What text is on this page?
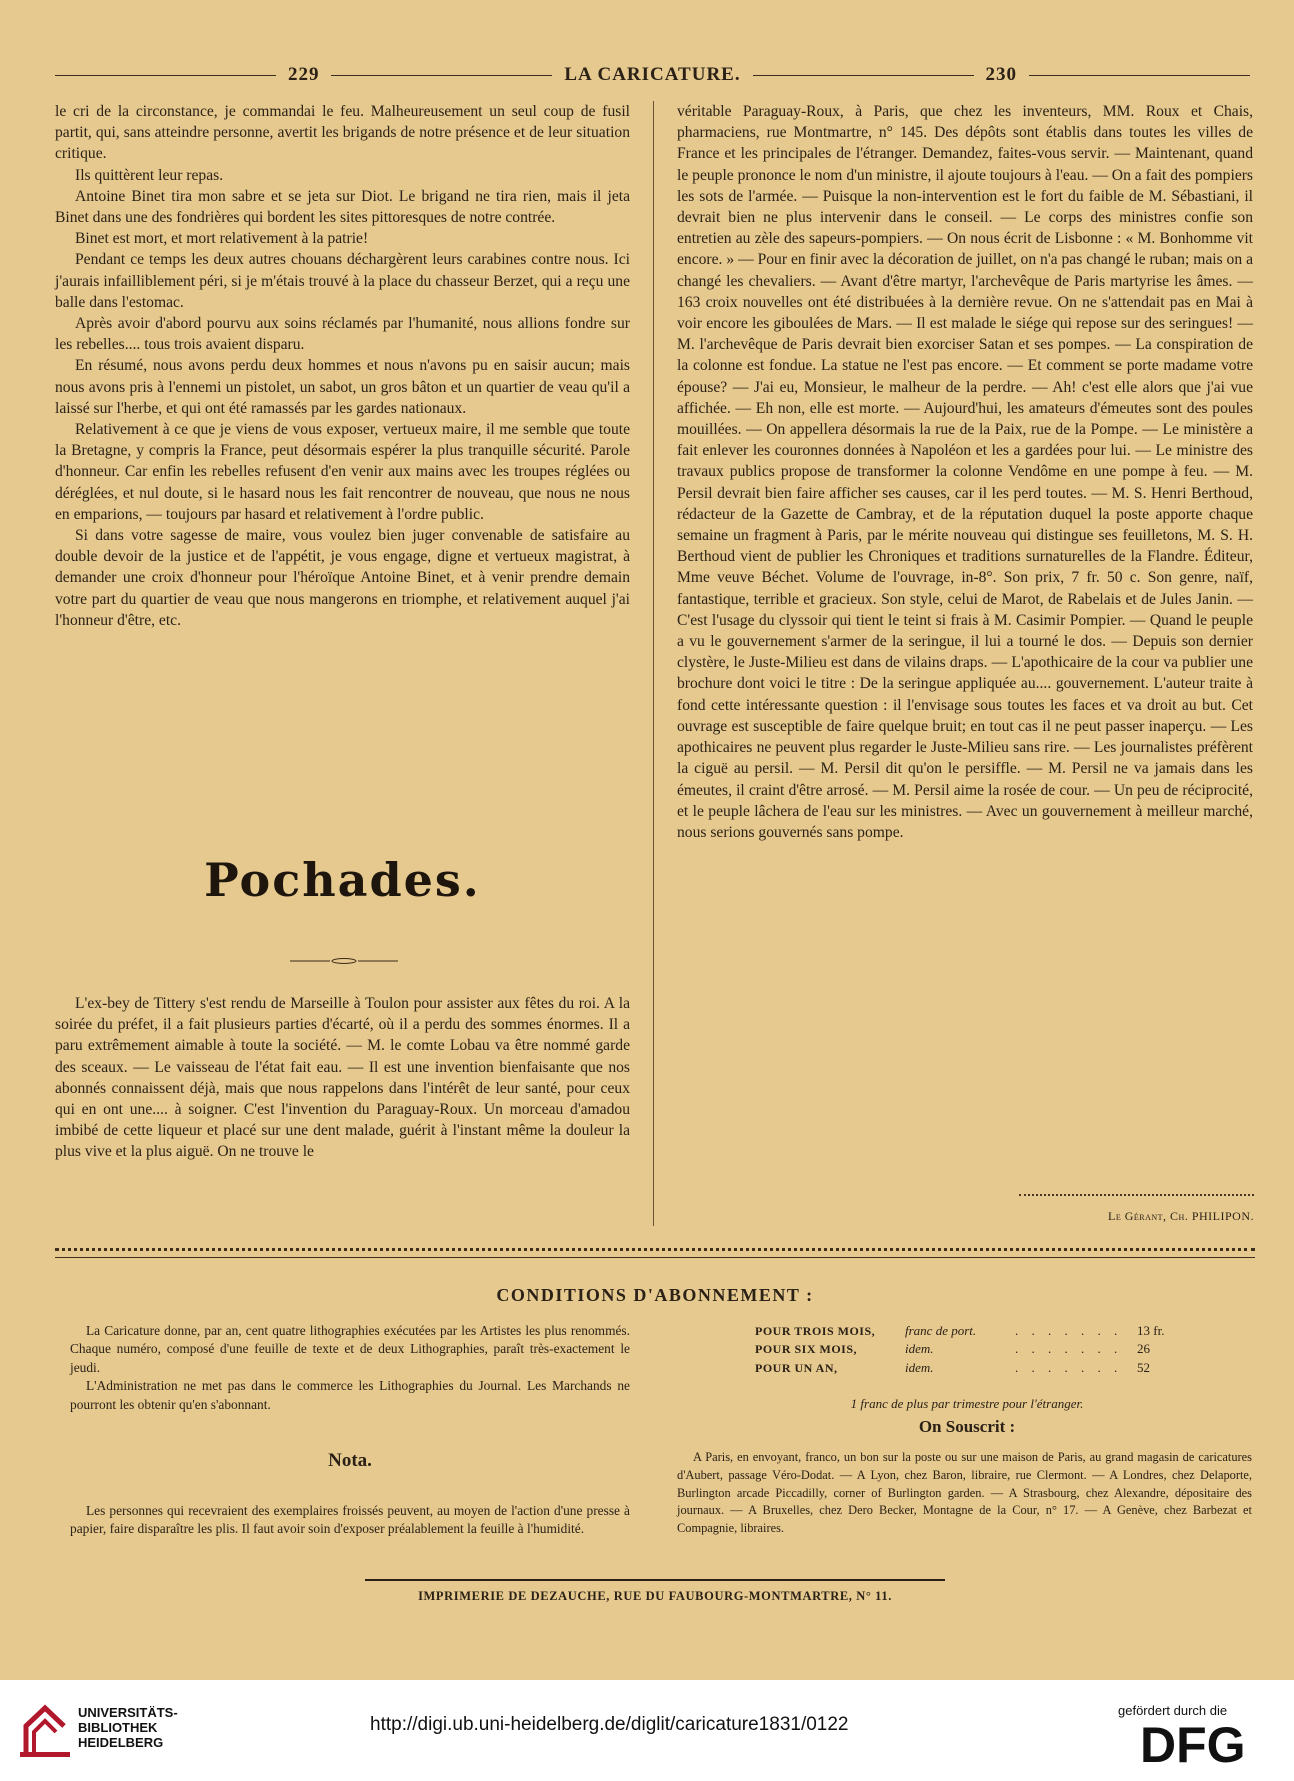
229	LA CARICATURE.	230

le cri de la circonstance, je commandai le feu. Malheureusement un seul coup de fusil partit, qui, sans atteindre personne, avertit les brigands de notre présence et de leur situation critique.

Ils quittèrent leur repas.

Antoine Binet tira mon sabre et se jeta sur Diot. Le brigand ne tira rien, mais il jeta Binet dans une des fondrières qui bordent les sites pittoresques de notre contrée.

Binet est mort, et mort relativement à la patrie!

Pendant ce temps les deux autres chouans déchargèrent leurs carabines contre nous. Ici j'aurais infailliblement péri, si je m'étais trouvé à la place du chasseur Berzet, qui a reçu une balle dans l'estomac.

Après avoir d'abord pourvu aux soins réclamés par l'humanité, nous allions fondre sur les rebelles.... tous trois avaient disparu.

En résumé, nous avons perdu deux hommes et nous n'avons pu en saisir aucun; mais nous avons pris à l'ennemi un pistolet, un sabot, un gros bâton et un quartier de veau qu'il a laissé sur l'herbe, et qui ont été ramassés par les gardes nationaux.

Relativement à ce que je viens de vous exposer, vertueux maire, il me semble que toute la Bretagne, y compris la France, peut désormais espérer la plus tranquille sécurité. Parole d'honneur. Car enfin les rebelles refusent d'en venir aux mains avec les troupes réglées ou déréglées, et nul doute, si le hasard nous les fait rencontrer de nouveau, que nous ne nous en emparions, — toujours par hasard et relativement à l'ordre public.

Si dans votre sagesse de maire, vous voulez bien juger convenable de satisfaire au double devoir de la justice et de l'appétit, je vous engage, digne et vertueux magistrat, à demander une croix d'honneur pour l'héroïque Antoine Binet, et à venir prendre demain votre part du quartier de veau que nous mangerons en triomphe, et relativement auquel j'ai l'honneur d'être, etc.

Pochades.

L'ex-bey de Tittery s'est rendu de Marseille à Toulon pour assister aux fêtes du roi. A la soirée du préfet, il a fait plusieurs parties d'écarté, où il a perdu des sommes énormes. Il a paru extrêmement aimable à toute la société. — M. le comte Lobau va être nommé garde des sceaux. — Le vaisseau de l'état fait eau. — Il est une invention bienfaisante que nos abonnés connaissent déjà, mais que nous rappelons dans l'intérêt de leur santé, pour ceux qui en ont une.... à soigner. C'est l'invention du Paraguay-Roux. Un morceau d'amadou imbibé de cette liqueur et placé sur une dent malade, guérit à l'instant même la douleur la plus vive et la plus aiguë. On ne trouve le

véritable Paraguay-Roux, à Paris, que chez les inventeurs, MM. Roux et Chais, pharmaciens, rue Montmartre, n° 145. Des dépôts sont établis dans toutes les villes de France et les principales de l'étranger. Demandez, faites-vous servir. — Maintenant, quand le peuple prononce le nom d'un ministre, il ajoute toujours à l'eau. — On a fait des pompiers les sots de l'armée. — Puisque la non-intervention est le fort du faible de M. Sébastiani, il devrait bien ne plus intervenir dans le conseil. — Le corps des ministres confie son entretien au zèle des sapeurs-pompiers. — On nous écrit de Lisbonne : « M. Bonhomme vit encore. » — Pour en finir avec la décoration de juillet, on n'a pas changé le ruban; mais on a changé les chevaliers. — Avant d'être martyr, l'archevêque de Paris martyrise les âmes. — 163 croix nouvelles ont été distribuées à la dernière revue. On ne s'attendait pas en Mai à voir encore les giboulées de Mars. — Il est malade le siége qui repose sur des seringues! — M. l'archevêque de Paris devrait bien exorciser Satan et ses pompes. — La conspiration de la colonne est fondue. La statue ne l'est pas encore. — Et comment se porte madame votre épouse? — J'ai eu, Monsieur, le malheur de la perdre. — Ah! c'est elle alors que j'ai vue affichée. — Eh non, elle est morte. — Aujourd'hui, les amateurs d'émeutes sont des poules mouillées. — On appellera désormais la rue de la Paix, rue de la Pompe. — Le ministère a fait enlever les couronnes données à Napoléon et les a gardées pour lui. — Le ministre des travaux publics propose de transformer la colonne Vendôme en une pompe à feu. — M. Persil devrait bien faire afficher ses causes, car il les perd toutes. — M. S. Henri Berthoud, rédacteur de la Gazette de Cambray, et de la réputation duquel la poste apporte chaque semaine un fragment à Paris, par le mérite nouveau qui distingue ses feuilletons, M. S. H. Berthoud vient de publier les Chroniques et traditions surnaturelles de la Flandre. Éditeur, Mme veuve Béchet. Volume de l'ouvrage, in-8°. Son prix, 7 fr. 50 c. Son genre, naïf, fantastique, terrible et gracieux. Son style, celui de Marot, de Rabelais et de Jules Janin. — C'est l'usage du clyssoir qui tient le teint si frais à M. Casimir Pompier. — Quand le peuple a vu le gouvernement s'armer de la seringue, il lui a tourné le dos. — Depuis son dernier clystère, le Juste-Milieu est dans de vilains draps. — L'apothicaire de la cour va publier une brochure dont voici le titre : De la seringue appliquée au.... gouvernement. L'auteur traite à fond cette intéressante question : il l'envisage sous toutes les faces et va droit au but. Cet ouvrage est susceptible de faire quelque bruit; en tout cas il ne peut passer inaperçu. — Les apothicaires ne peuvent plus regarder le Juste-Milieu sans rire. — Les journalistes préfèrent la ciguë au persil. — M. Persil dit qu'on le persiffle. — M. Persil ne va jamais dans les émeutes, il craint d'être arrosé. — M. Persil aime la rosée de cour. — Un peu de réciprocité, et le peuple lâchera de l'eau sur les ministres. — Avec un gouvernement à meilleur marché, nous serions gouvernés sans pompe.

Le Gérant, Ch. PHILIPON.
CONDITIONS D'ABONNEMENT :

La Caricature donne, par an, cent quatre lithographies exécutées par les Artistes les plus renommés. Chaque numéro, composé d'une feuille de texte et de deux Lithographies, paraît très-exactement le jeudi.

L'Administration ne met pas dans le commerce les Lithographies du Journal. Les Marchands ne pourront les obtenir qu'en s'abonnant.

Nota.

Les personnes qui recevraient des exemplaires froissés peuvent, au moyen de l'action d'une presse à papier, faire disparaître les plis. Il faut avoir soin d'exposer préalablement la feuille à l'humidité.

POUR TROIS MOIS,	franc de port.	. . . . . . .	13 fr.
POUR SIX MOIS,	idem.	. . . . . . .	26
POUR UN AN,	idem.	. . . . . . .	52
1 franc de plus par trimestre pour l'étranger.
On Souscrit :

A Paris, en envoyant, franco, un bon sur la poste ou sur une maison de Paris, au grand magasin de caricatures d'Aubert, passage Véro-Dodat. — A Lyon, chez Baron, libraire, rue Clermont. — A Londres, chez Delaporte, Burlington arcade Piccadilly, corner of Burlington garden. — A Strasbourg, chez Alexandre, dépositaire des journaux. — A Bruxelles, chez Dero Becker, Montagne de la Cour, n° 17. — A Genève, chez Barbezat et Compagnie, libraires.

IMPRIMERIE DE DEZAUCHE, RUE DU FAUBOURG-MONTMARTRE, N° 11.
UNIVERSITÄTS-
BIBLIOTHEK
HEIDELBERG
http://digi.ub.uni-heidelberg.de/diglit/caricature1831/0122
gefördert durch die
DFG
